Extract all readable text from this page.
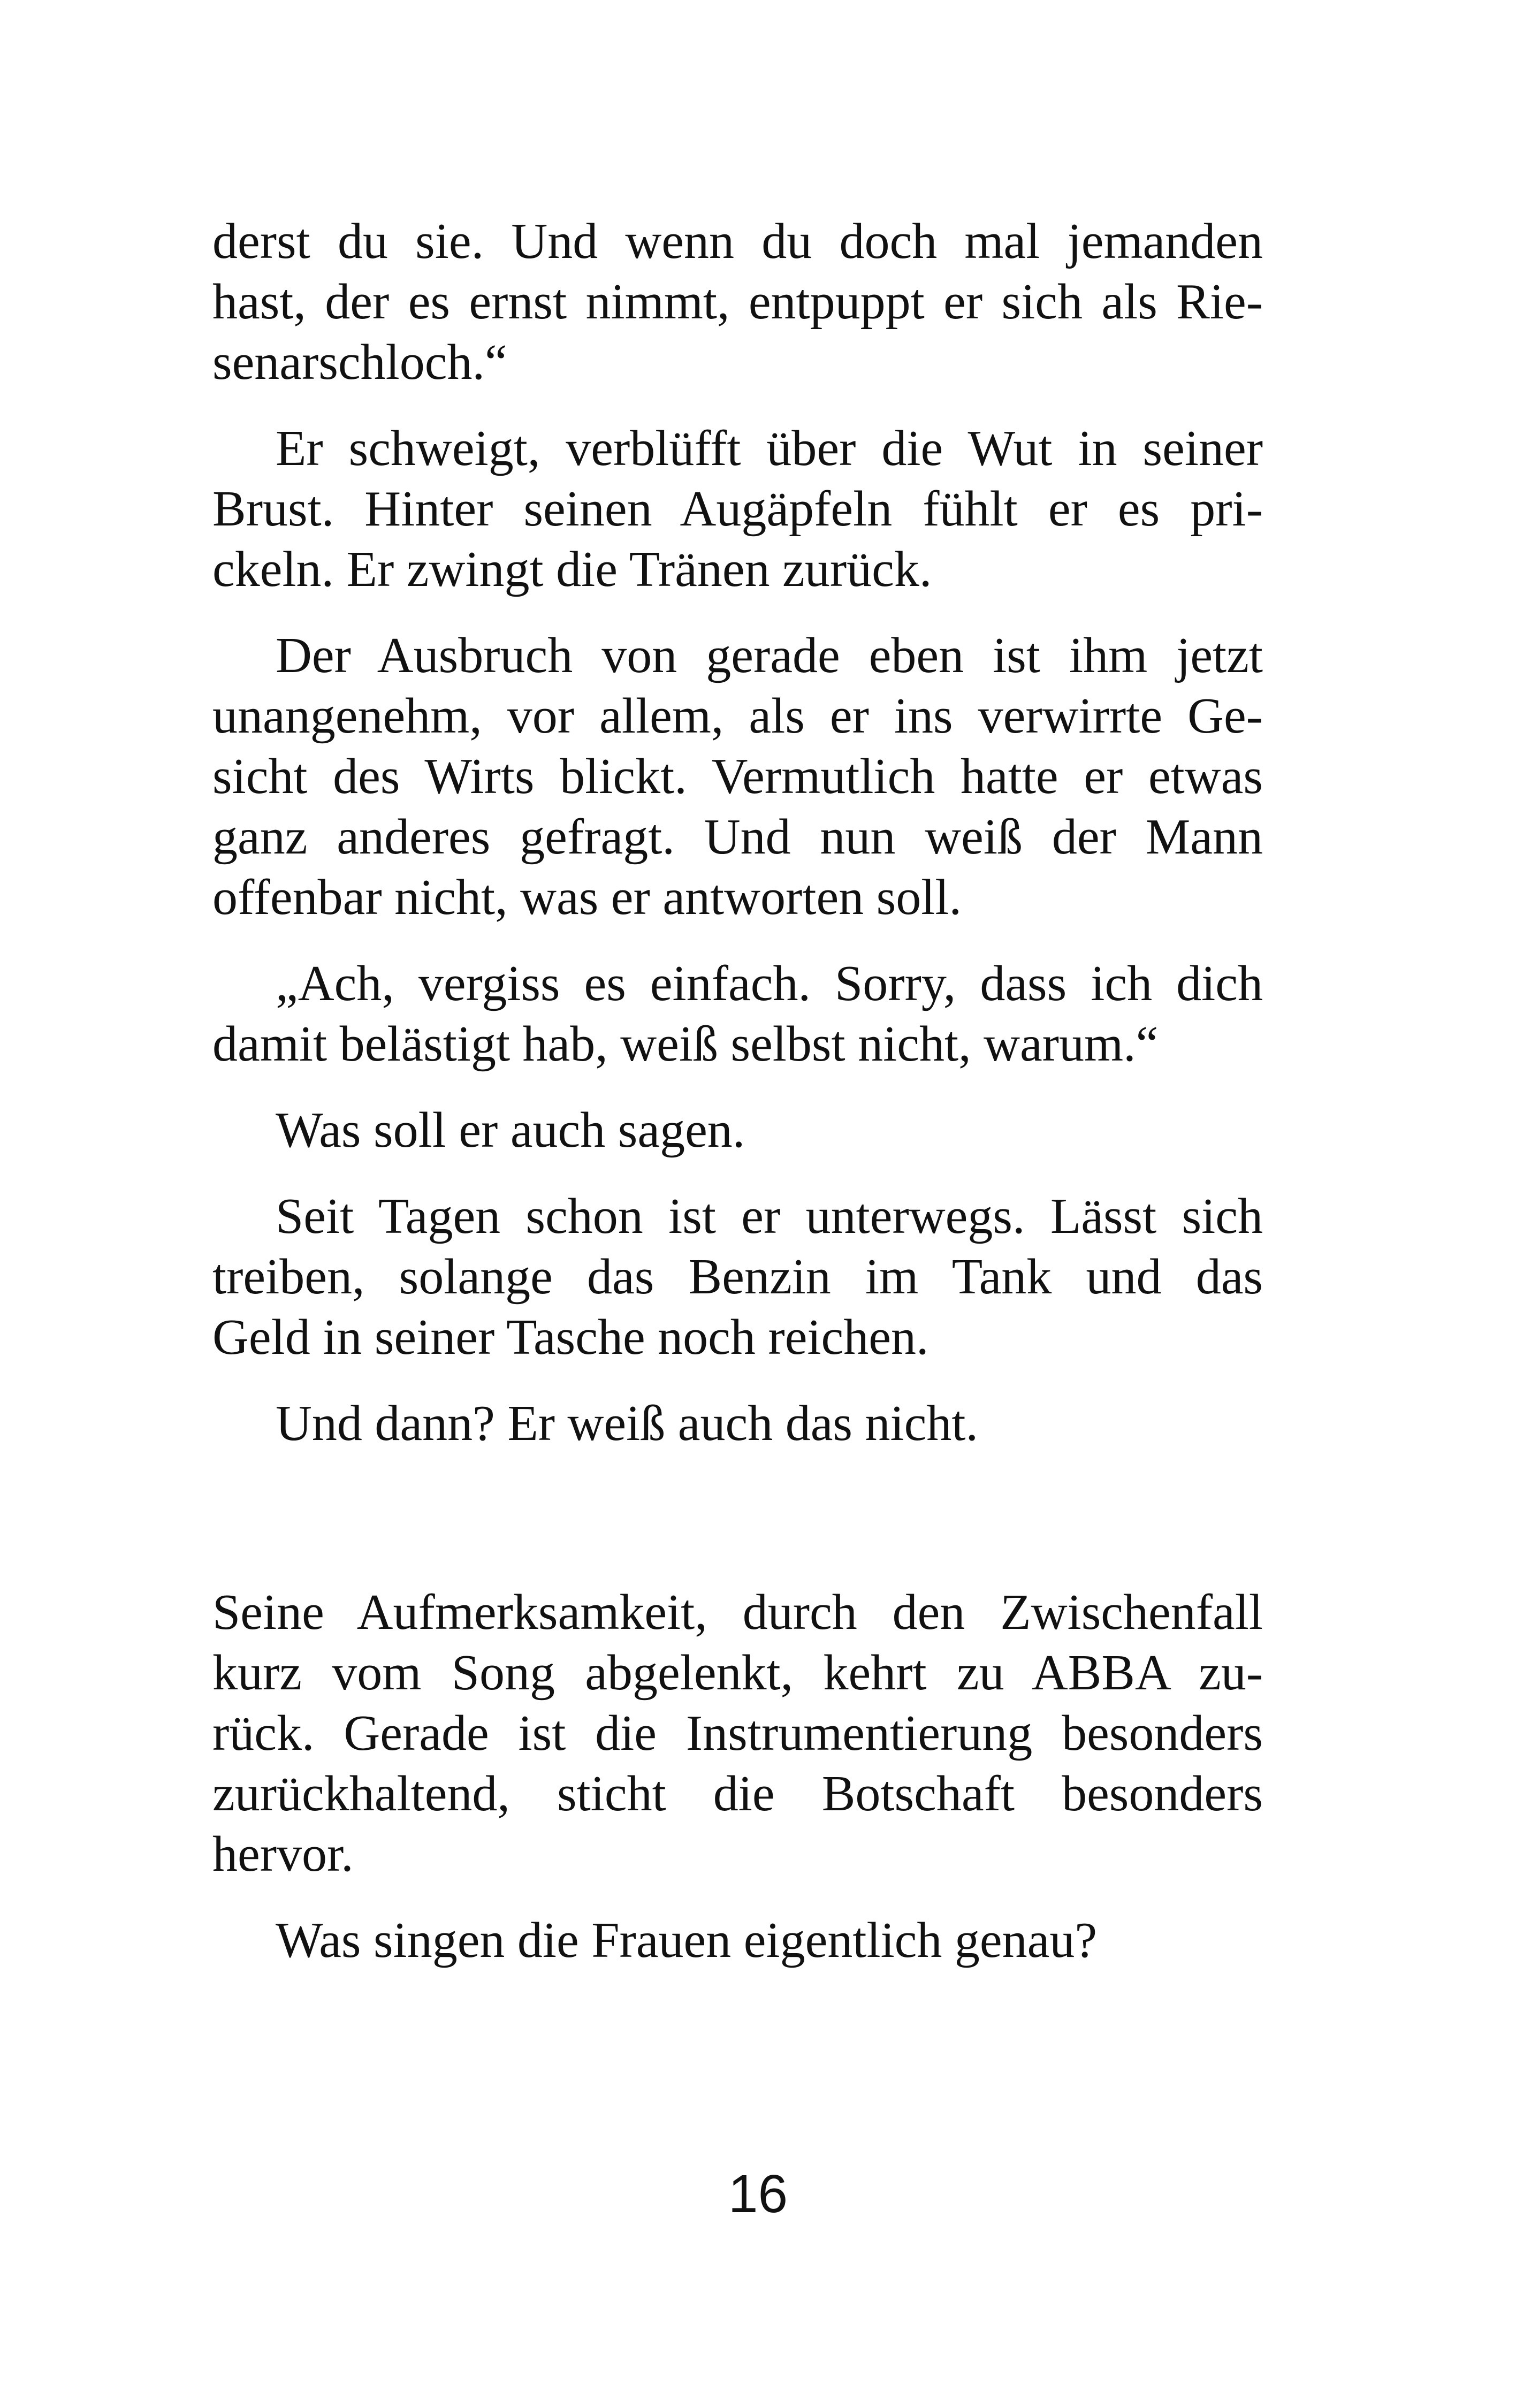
derst du sie. Und wenn du doch mal jemanden
hast, der es ernst nimmt, entpuppt er sich als Rie-
senarschloch.“

Er schweigt, verblüfft über die Wut in seiner
Brust. Hinter seinen Augäpfeln fühlt er es pri-
ckeln. Er zwingt die Tränen zurück.

Der Ausbruch von gerade eben ist ihm jetzt
unangenehm, vor allem, als er ins verwirrte Ge-
sicht des Wirts blickt. Vermutlich hatte er etwas
ganz anderes gefragt. Und nun weiß der Mann
offenbar nicht, was er antworten soll.

„Ach, vergiss es einfach. Sorry, dass ich dich
damit belästigt hab, weiß selbst nicht, warum.“

Was soll er auch sagen.

Seit Tagen schon ist er unterwegs. Lässt sich
treiben, solange das Benzin im Tank und das
Geld in seiner Tasche noch reichen.

Und dann? Er weiß auch das nicht.

Seine Aufmerksamkeit, durch den Zwischenfall
kurz vom Song abgelenkt, kehrt zu ABBA zu-
rück. Gerade ist die Instrumentierung besonders
zurückhaltend, sticht die Botschaft besonders
hervor.

Was singen die Frauen eigentlich genau?

16
